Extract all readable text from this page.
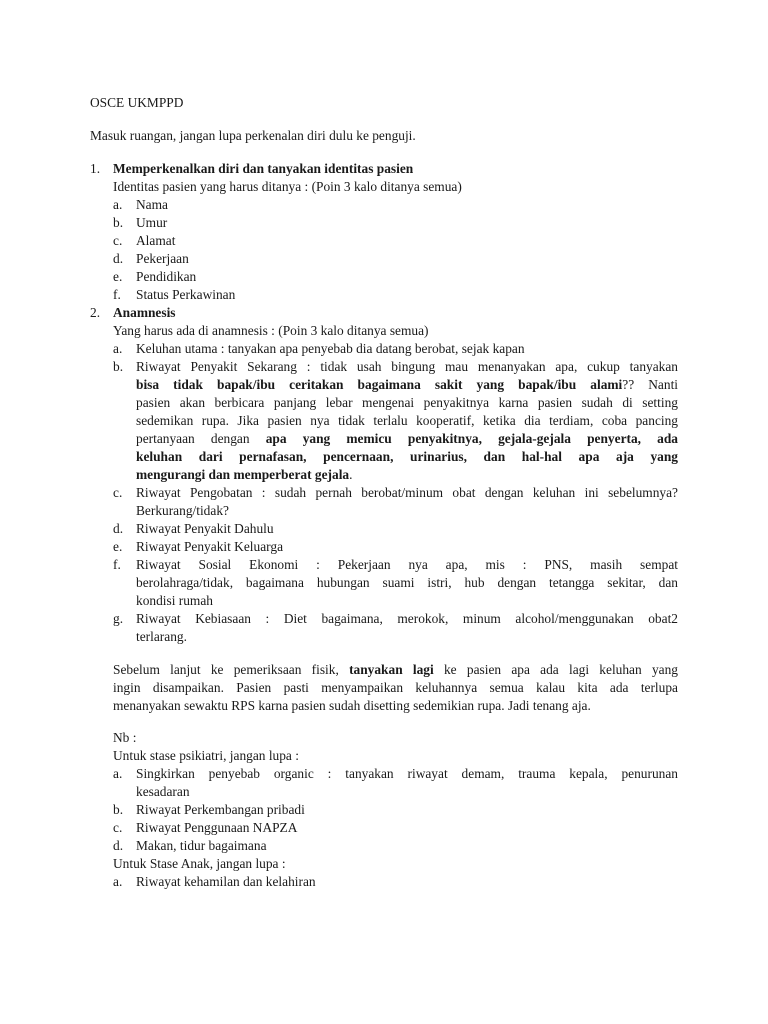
OSCE UKMPPD
Masuk ruangan, jangan lupa perkenalan diri dulu ke penguji.
1. Memperkenalkan diri dan tanyakan identitas pasien
Identitas pasien yang harus ditanya : (Poin 3 kalo ditanya semua)
a.	Nama
b. Umur
c.	Alamat
d. Pekerjaan
e.	Pendidikan
f.	Status Perkawinan
2. Anamnesis
Yang harus ada di anamnesis : (Poin 3 kalo ditanya semua)
a.	Keluhan utama : tanyakan apa penyebab dia datang berobat, sejak kapan
b. Riwayat Penyakit Sekarang : tidak usah bingung mau menanyakan apa, cukup tanyakan
bisa tidak bapak/ibu ceritakan bagaimana sakit yang bapak/ibu alami?? Nanti
pasien akan berbicara panjang lebar mengenai penyakitnya karna pasien sudah di setting
sedemikan rupa. Jika pasien nya tidak terlalu kooperatif, ketika dia terdiam, coba pancing
pertanyaan dengan apa yang memicu penyakitnya, gejala-gejala penyerta, ada
keluhan dari pernafasan, pencernaan, urinarius, dan hal-hal apa aja yang
mengurangi dan memperberat gejala.
c.	Riwayat Pengobatan : sudah pernah berobat/minum obat dengan keluhan ini sebelumnya?
Berkurang/tidak?
d. Riwayat Penyakit Dahulu
e.	Riwayat Penyakit Keluarga
f.	Riwayat Sosial Ekonomi : Pekerjaan nya apa, mis : PNS, masih sempat
berolahraga/tidak, bagaimana hubungan suami istri, hub dengan tetangga sekitar, dan
kondisi rumah
g. Riwayat Kebiasaan : Diet bagaimana, merokok, minum alcohol/menggunakan obat2
terlarang.
Sebelum lanjut ke pemeriksaan fisik, tanyakan lagi ke pasien apa ada lagi keluhan yang
ingin disampaikan. Pasien pasti menyampaikan keluhannya semua kalau kita ada terlupa
menanyakan sewaktu RPS karna pasien sudah disetting sedemikian rupa. Jadi tenang aja.
Nb :
Untuk stase psikiatri, jangan lupa :
a.	Singkirkan penyebab organic : tanyakan riwayat demam, trauma kepala, penurunan
kesadaran
b. Riwayat Perkembangan pribadi
c.	Riwayat Penggunaan NAPZA
d. Makan, tidur bagaimana
Untuk Stase Anak, jangan lupa :
a.	Riwayat kehamilan dan kelahiran
